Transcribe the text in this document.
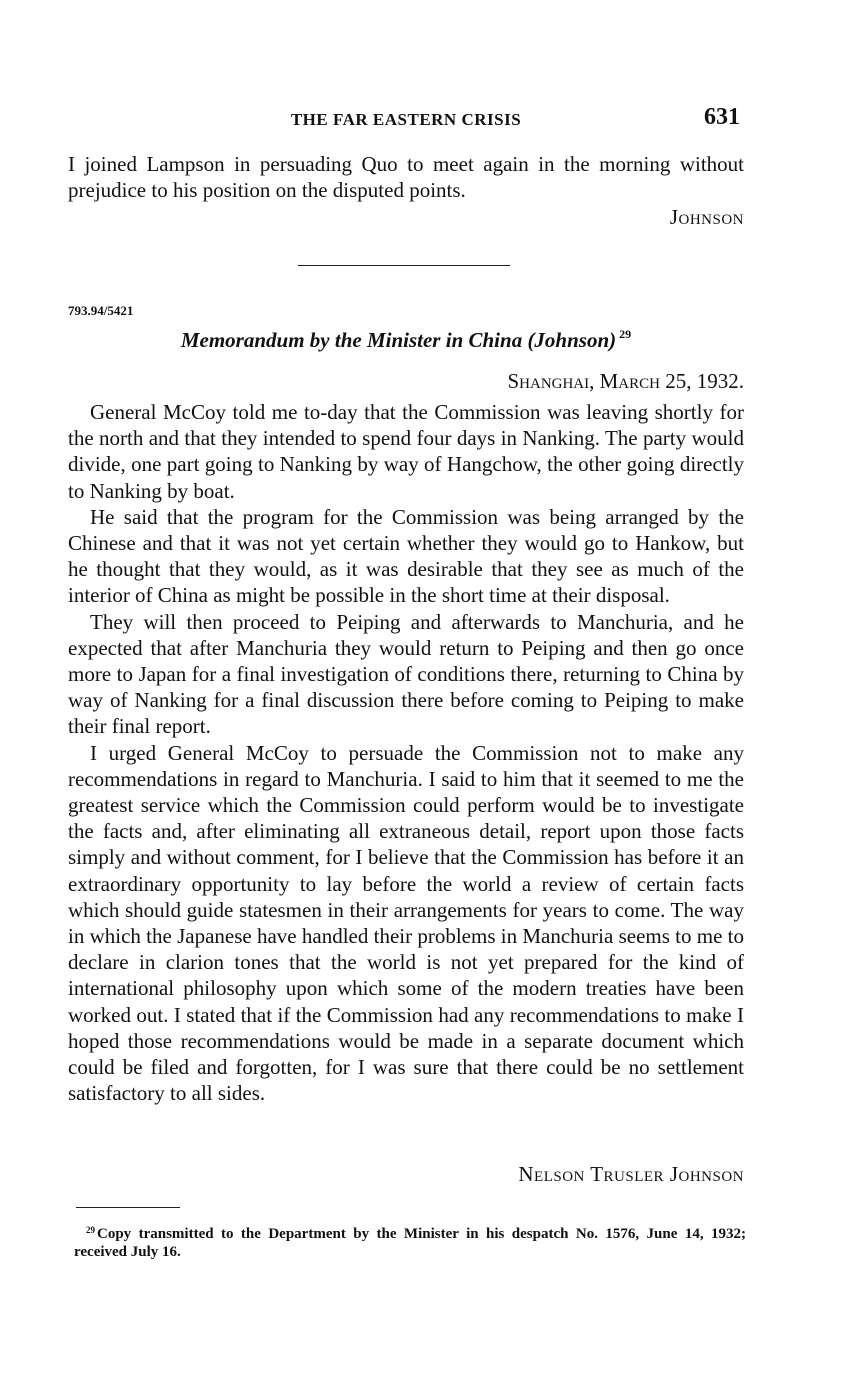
THE FAR EASTERN CRISIS	631

I joined Lampson in persuading Quo to meet again in the morning without prejudice to his position on the disputed points.

Johnson
793.94/5421
Memorandum by the Minister in China (Johnson) $^{29}$
Shanghai, March 25, 1932.

General McCoy told me to-day that the Commission was leaving shortly for the north and that they intended to spend four days in Nanking. The party would divide, one part going to Nanking by way of Hangchow, the other going directly to Nanking by boat.

He said that the program for the Commission was being arranged by the Chinese and that it was not yet certain whether they would go to Hankow, but he thought that they would, as it was desirable that they see as much of the interior of China as might be possible in the short time at their disposal.

They will then proceed to Peiping and afterwards to Manchuria, and he expected that after Manchuria they would return to Peiping and then go once more to Japan for a final investigation of conditions there, returning to China by way of Nanking for a final discussion there before coming to Peiping to make their final report.

I urged General McCoy to persuade the Commission not to make any recommendations in regard to Manchuria. I said to him that it seemed to me the greatest service which the Commission could perform would be to investigate the facts and, after eliminating all extraneous detail, report upon those facts simply and without comment, for I believe that the Commission has before it an extraordinary opportunity to lay before the world a review of certain facts which should guide statesmen in their arrangements for years to come. The way in which the Japanese have handled their problems in Manchuria seems to me to declare in clarion tones that the world is not yet prepared for the kind of international philosophy upon which some of the modern treaties have been worked out. I stated that if the Commission had any recommendations to make I hoped those recommendations would be made in a separate document which could be filed and forgotten, for I was sure that there could be no settlement satisfactory to all sides.

Nelson Trusler Johnson
$^{29}$ Copy transmitted to the Department by the Minister in his despatch No. 1576, June 14, 1932; received July 16.
